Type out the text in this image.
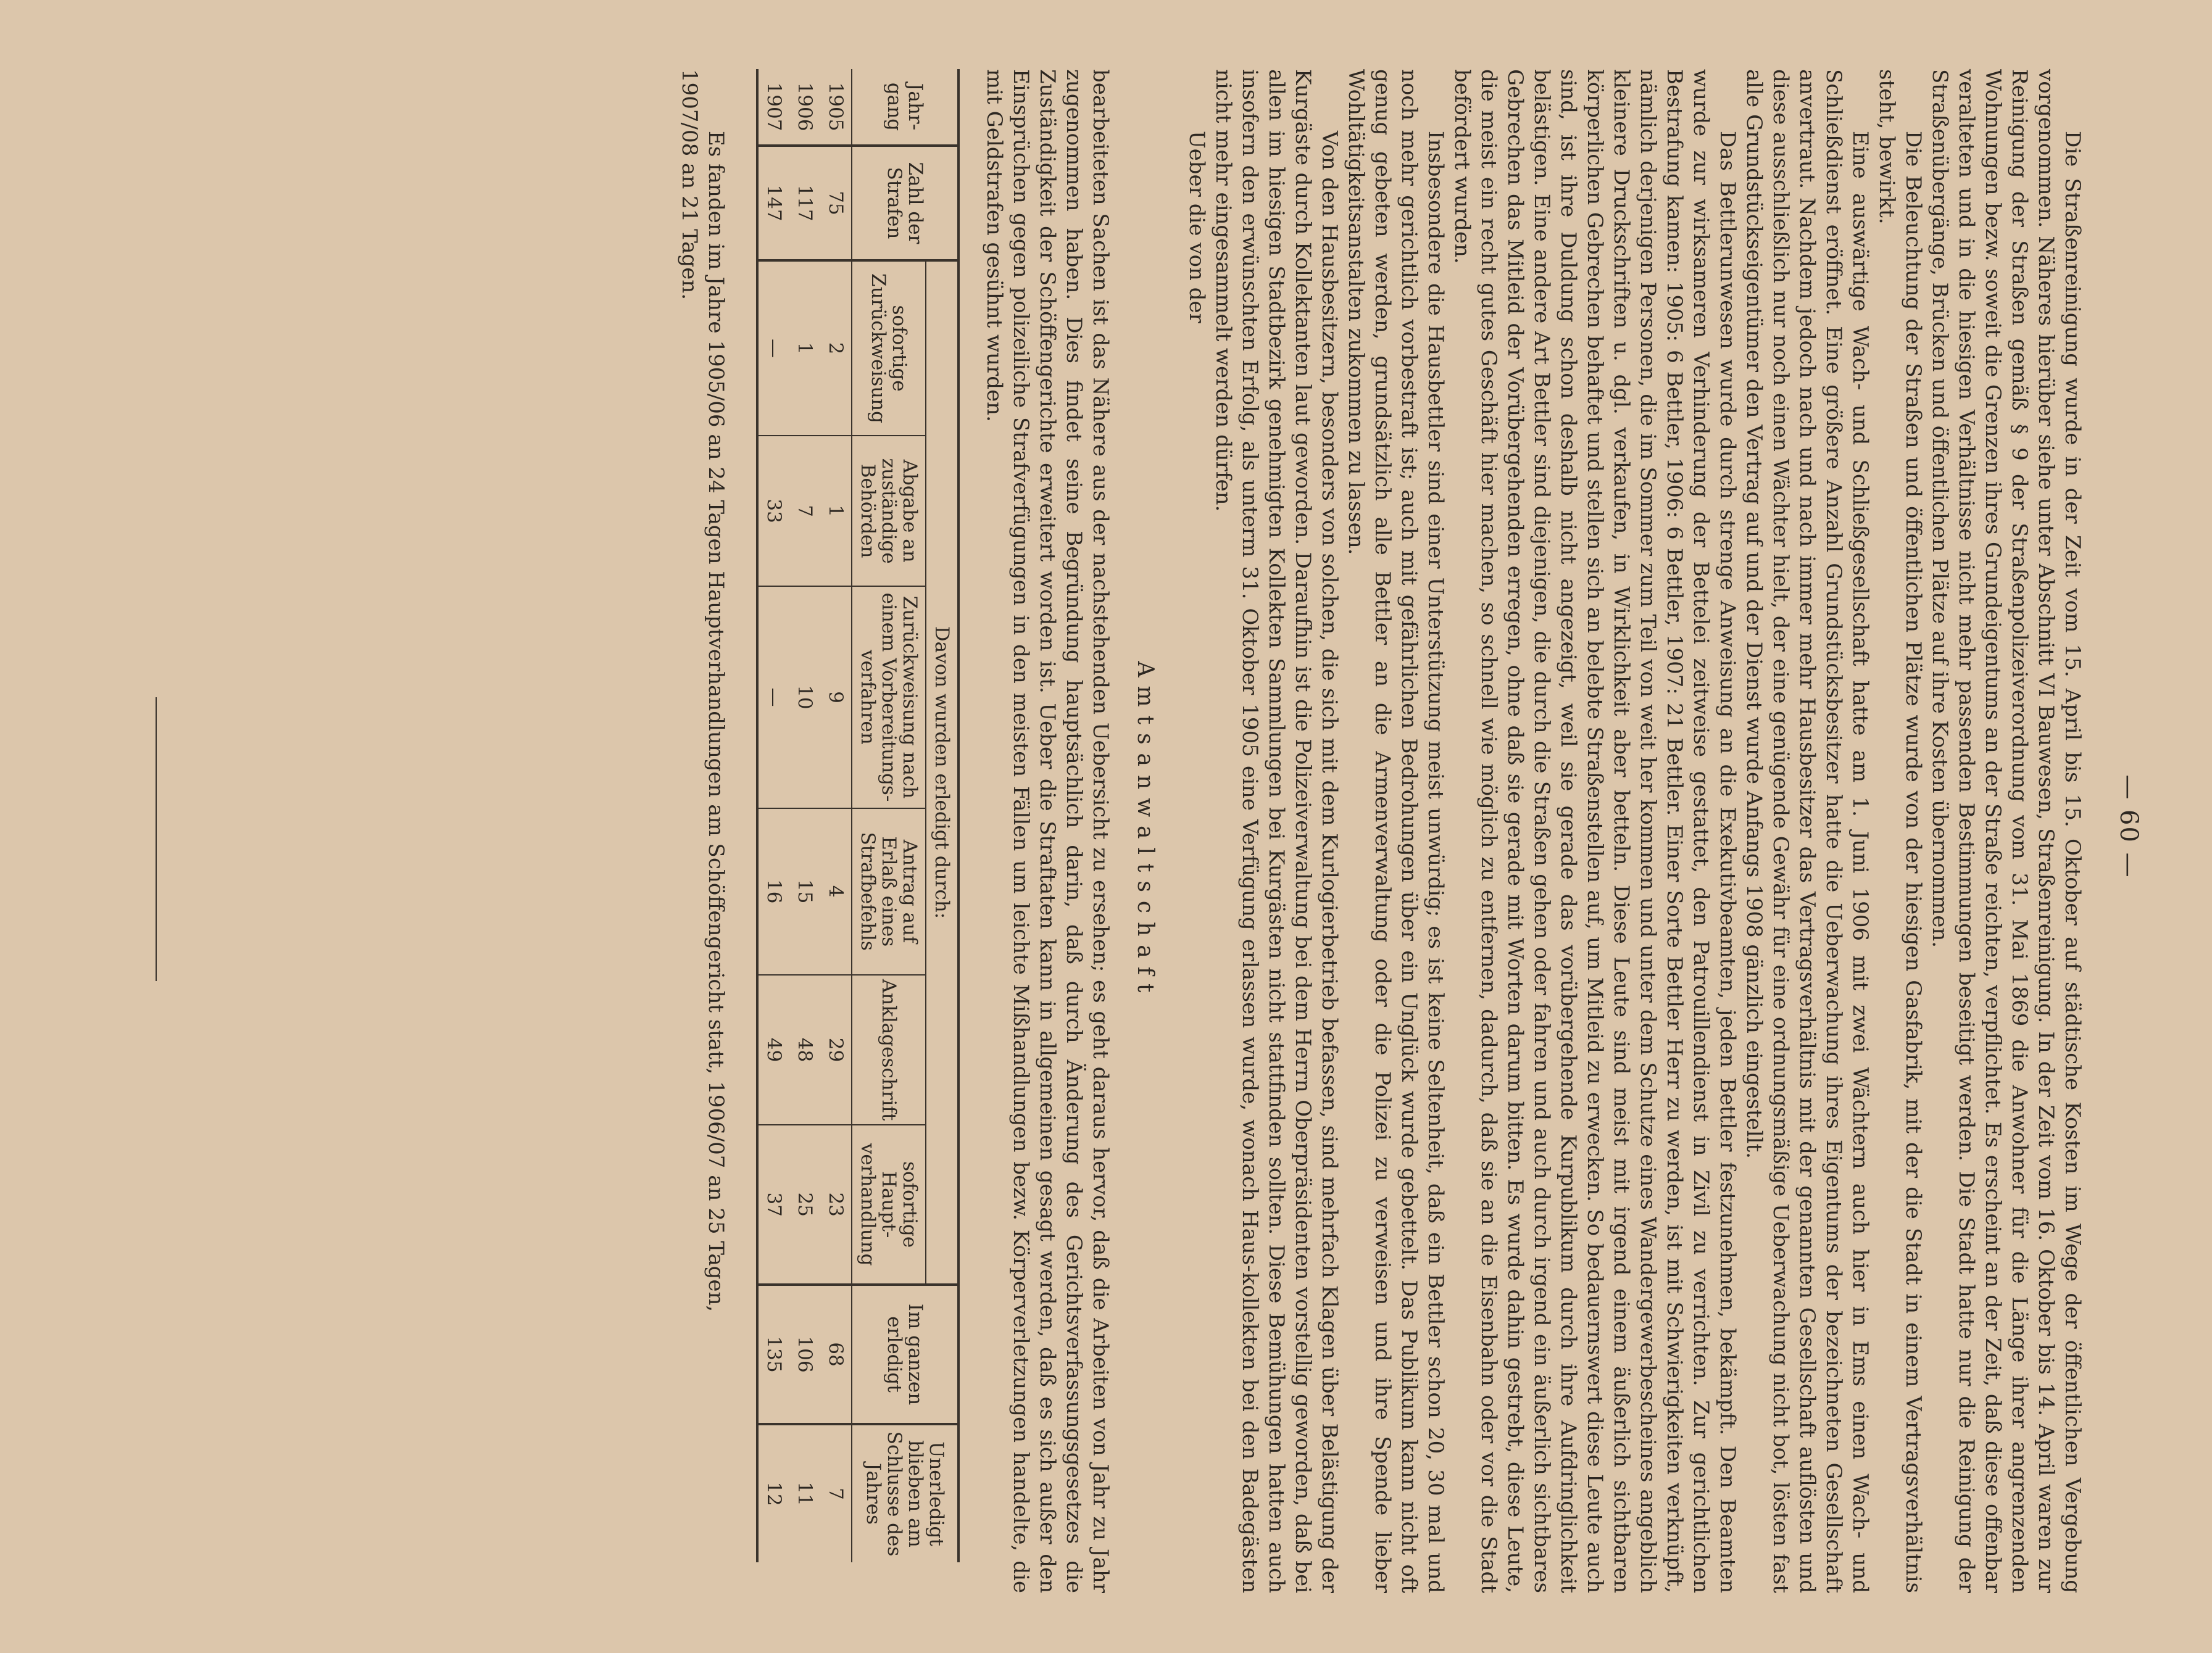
— 60 —

Die Straßenreinigung wurde in der Zeit vom 15. April bis 15. Oktober auf städtische Kosten im Wege der öffentlichen Vergebung vorgenommen. Näheres hierüber siehe unter Abschnitt VI Bauwesen, Straßenreinigung. In der Zeit vom 16. Oktober bis 14. April waren zur Reinigung der Straßen gemäß § 9 der Straßenpolizeiverordnung vom 31. Mai 1869 die Anwohner für die Länge ihrer angrenzenden Wohnungen bezw. soweit die Grenzen ihres Grundeigentums an der Straße reichten, verpflichtet. Es erscheint an der Zeit, daß diese offenbar veralteten und in die hiesigen Verhältnisse nicht mehr passenden Bestimmungen beseitigt werden. Die Stadt hatte nur die Reinigung der Straßenübergänge, Brücken und öffentlichen Plätze auf ihre Kosten übernommen.

Die Beleuchtung der Straßen und öffentlichen Plätze wurde von der hiesigen Gasfabrik, mit der die Stadt in einem Vertragsverhältnis steht, bewirkt.

Eine auswärtige Wach- und Schließgesellschaft hatte am 1. Juni 1906 mit zwei Wächtern auch hier in Ems einen Wach- und Schließdienst eröffnet. Eine größere Anzahl Grundstücksbesitzer hatte die Ueberwachung ihres Eigentums der bezeichneten Gesellschaft anvertraut. Nachdem jedoch nach und nach immer mehr Hausbesitzer das Vertragsverhältnis mit der genannten Gesellschaft auflösten und diese ausschließlich nur noch einen Wächter hielt, der eine genügende Gewähr für eine ordnungsmäßige Ueberwachung nicht bot, lösten fast alle Grundstückseigentümer den Vertrag auf und der Dienst wurde Anfangs 1908 gänzlich eingestellt.

Das Bettlerunwesen wurde durch strenge Anweisung an die Exekutivbeamten, jeden Bettler festzunehmen, bekämpft. Den Beamten wurde zur wirksameren Verhinderung der Bettelei zeitweise gestattet, den Patrouillendienst in Zivil zu verrichten. Zur gerichtlichen Bestrafung kamen: 1905: 6 Bettler, 1906: 6 Bettler, 1907: 21 Bettler. Einer Sorte Bettler Herr zu werden, ist mit Schwierigkeiten verknüpft, nämlich derjenigen Personen, die im Sommer zum Teil von weit her kommen und unter dem Schutze eines Wandergewerbescheines angeblich kleinere Druckschriften u. dgl. verkaufen, in Wirklichkeit aber betteln. Diese Leute sind meist mit irgend einem äußerlich sichtbaren körperlichen Gebrechen behaftet und stellen sich an belebte Straßenstellen auf, um Mitleid zu erwecken. So bedauernswert diese Leute auch sind, ist ihre Duldung schon deshalb nicht angezeigt, weil sie gerade das vorübergehende Kurpublikum durch ihre Aufdringlichkeit belästigen. Eine andere Art Bettler sind diejenigen, die durch die Straßen gehen oder fahren und auch durch irgend ein äußerlich sichtbares Gebrechen das Mitleid der Vorübergehenden erregen, ohne daß sie gerade mit Worten darum bitten. Es wurde dahin gestrebt, diese Leute, die meist ein recht gutes Geschäft hier machen, so schnell wie möglich zu entfernen, dadurch, daß sie an die Eisenbahn oder vor die Stadt befördert wurden.

Insbesondere die Hausbettler sind einer Unterstützung meist unwürdig; es ist keine Seltenheit, daß ein Bettler schon 20, 30 mal und noch mehr gerichtlich vorbestraft ist; auch mit gefährlichen Bedrohungen über ein Unglück wurde gebettelt. Das Publikum kann nicht oft genug gebeten werden, grundsätzlich alle Bettler an die Armenverwaltung oder die Polizei zu verweisen und ihre Spende lieber Wohltätigkeitsanstalten zukommen zu lassen.

Von den Hausbesitzern, besonders von solchen, die sich mit dem Kurlogierbetrieb befassen, sind mehrfach Klagen über Belästigung der Kurgäste durch Kollektanten laut geworden. Daraufhin ist die Polizeiverwaltung bei dem Herrn Oberpräsidenten vorstellig geworden, daß bei allen im hiesigen Stadtbezirk genehmigten Kollekten Sammlungen bei Kurgästen nicht stattfinden sollten. Diese Bemühungen hatten auch insofern den erwünschten Erfolg, als unterm 31. Oktober 1905 eine Verfügung erlassen wurde, wonach Haus-kollekten bei den Badegästen nicht mehr eingesammelt werden dürfen.

Ueber die von der

Amtsanwaltschaft

bearbeiteten Sachen ist das Nähere aus der nachstehenden Uebersicht zu ersehen; es geht daraus hervor, daß die Arbeiten von Jahr zu Jahr zugenommen haben. Dies findet seine Begründung hauptsächlich darin, daß durch Änderung des Gerichtsverfassungsgesetzes die Zuständigkeit der Schöffengerichte erweitert worden ist. Ueber die Straftaten kann in allgemeinen gesagt werden, daß es sich außer den Einsprüchen gegen polizeiliche Strafverfügungen in den meisten Fällen um leichte Mißhandlungen bezw. Körperverletzungen handelte, die mit Geldstrafen gesühnt wurden.

Jahr-gang	Zahl der Strafen	Davon wurden erledigt durch:						Im ganzen erledigt	Unerledigt blieben am Schlusse des Jahres
		sofortige Zurückweisung	Abgabe an zuständige Behörden	Zurückweisung nach einem Vorbereitungs-verfahren	Antrag auf Erlaß eines Strafbefehls	Anklageschrift	sofortige Haupt-verhandlung		
1905	75	2	1	9	4	29	23	68	7
1906	117	1	7	10	15	48	25	106	11
1907	147	—	33	—	16	49	37	135	12

Es fanden im Jahre 1905/06 an 24 Tagen Hauptverhandlungen am Schöffengericht statt, 1906/07 an 25 Tagen,

1907/08 an 21 Tagen.
